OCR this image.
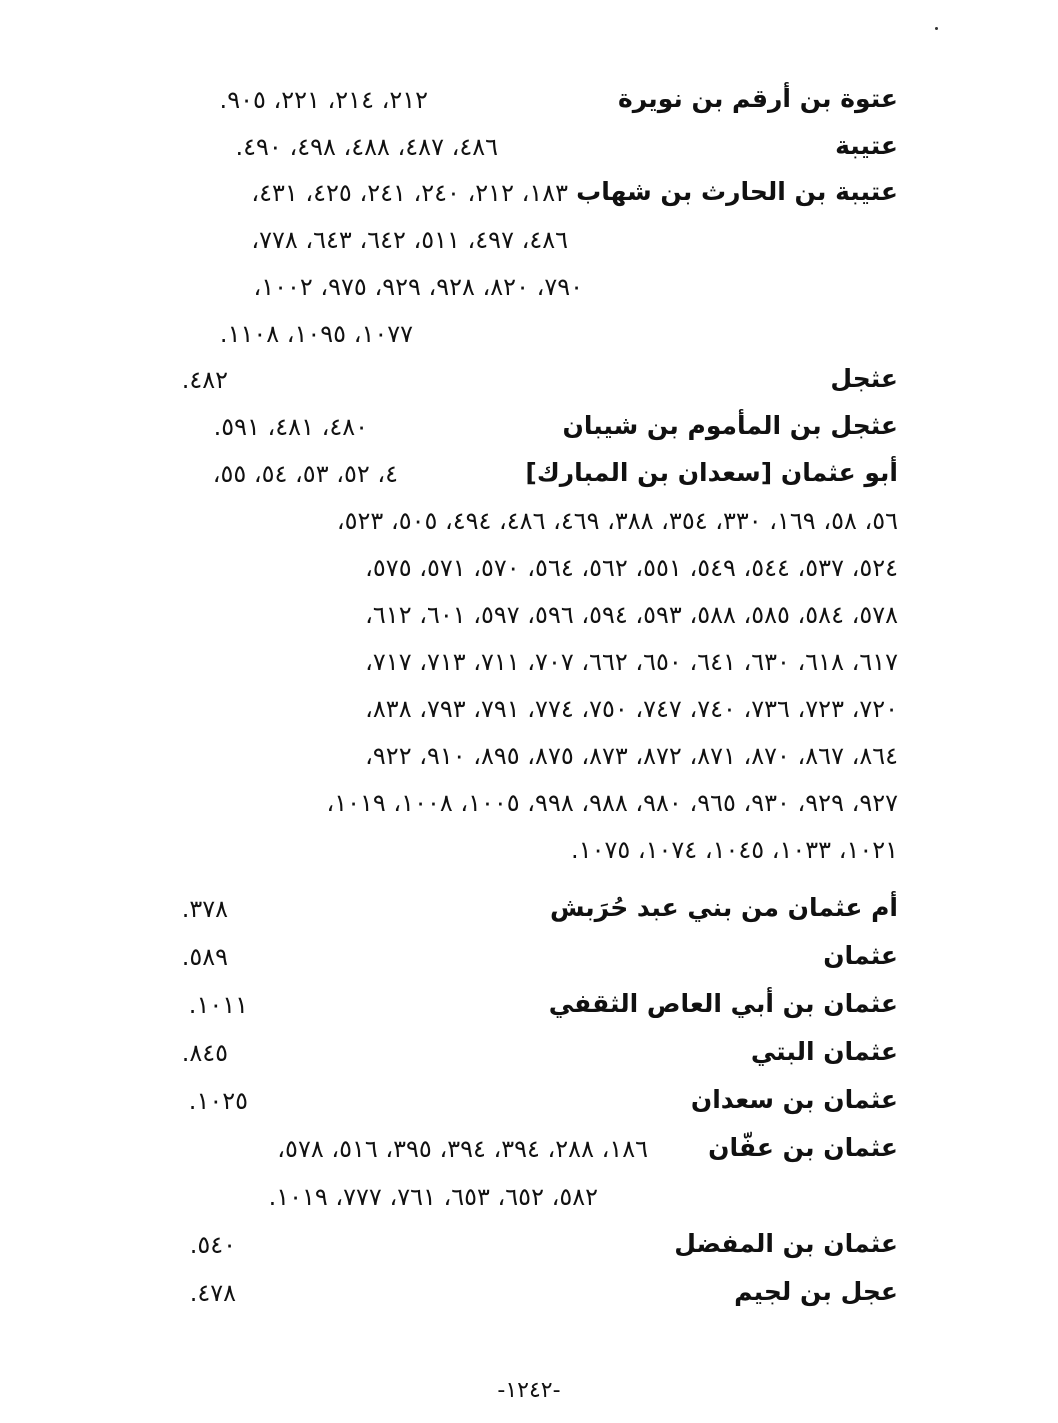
عتوة بن أرقم بن نويرة
٢١٢، ٢١٤، ٢٢١، ٩٠٥.
عتيبة
٤٨٦، ٤٨٧، ٤٨٨، ٤٩٨، ٤٩٠.
عتيبة بن الحارث بن شهاب
١٨٣، ٢١٢، ٢٤٠، ٢٤١، ٤٢٥، ٤٣١،
٤٨٦، ٤٩٧، ٥١١، ٦٤٢، ٦٤٣، ٧٧٨،
٧٩٠، ٨٢٠، ٩٢٨، ٩٢٩، ٩٧٥، ١٠٠٢،
١٠٧٧، ١٠٩٥، ١١٠٨.
عثجل
٤٨٢.
عثجل بن المأموم بن شيبان
٤٨٠، ٤٨١، ٥٩١.
أبو عثمان [سعدان بن المبارك]
٤، ٥٢، ٥٣، ٥٤، ٥٥،
٥٦، ٥٨، ١٦٩، ٣٣٠، ٣٥٤، ٣٨٨، ٤٦٩، ٤٨٦، ٤٩٤، ٥٠٥، ٥٢٣،
٥٢٤، ٥٣٧، ٥٤٤، ٥٤٩، ٥٥١، ٥٦٢، ٥٦٤، ٥٧٠، ٥٧١، ٥٧٥،
٥٧٨، ٥٨٤، ٥٨٥، ٥٨٨، ٥٩٣، ٥٩٤، ٥٩٦، ٥٩٧، ٦٠١، ٦١٢،
٦١٧، ٦١٨، ٦٣٠، ٦٤١، ٦٥٠، ٦٦٢، ٧٠٧، ٧١١، ٧١٣، ٧١٧،
٧٢٠، ٧٢٣، ٧٣٦، ٧٤٠، ٧٤٧، ٧٥٠، ٧٧٤، ٧٩١، ٧٩٣، ٨٣٨،
٨٦٤، ٨٦٧، ٨٧٠، ٨٧١، ٨٧٢، ٨٧٣، ٨٧٥، ٨٩٥، ٩١٠، ٩٢٢،
٩٢٧، ٩٢٩، ٩٣٠، ٩٦٥، ٩٨٠، ٩٨٨، ٩٩٨، ١٠٠٥، ١٠٠٨، ١٠١٩،
١٠٢١، ١٠٣٣، ١٠٤٥، ١٠٧٤، ١٠٧٥.
أم عثمان من بني عبد حُرَبش
٣٧٨.
عثمان
٥٨٩.
عثمان بن أبي العاص الثقفي
١٠١١.
عثمان البتي
٨٤٥.
عثمان بن سعدان
١٠٢٥.
عثمان بن عفّان
١٨٦، ٢٨٨، ٣٩٤، ٣٩٤، ٣٩٥، ٥١٦، ٥٧٨،
٥٨٢، ٦٥٢، ٦٥٣، ٧٦١، ٧٧٧، ١٠١٩.
عثمان بن المفضل
٥٤٠.
عجل بن لجيم
٤٧٨.
-١٢٤٢-
